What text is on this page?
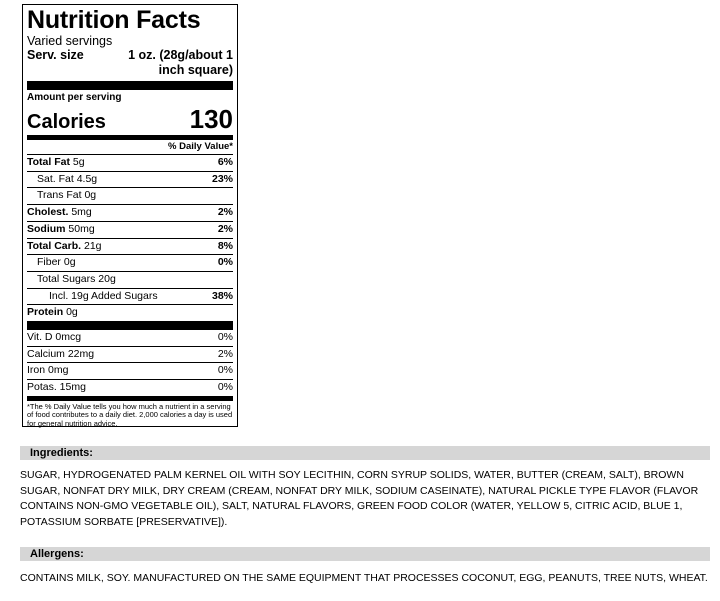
Nutrition Facts
Varied servings
Serv. size	1 oz. (28g/about 1 inch square)
Amount per serving
Calories	130
% Daily Value*
Total Fat 5g	6%
Sat. Fat 4.5g	23%
Trans Fat 0g
Cholest. 5mg	2%
Sodium 50mg	2%
Total Carb. 21g	8%
Fiber 0g	0%
Total Sugars 20g
Incl. 19g Added Sugars	38%
Protein 0g
Vit. D 0mcg	0%
Calcium 22mg	2%
Iron 0mg	0%
Potas. 15mg	0%
*The % Daily Value tells you how much a nutrient in a serving of food contributes to a daily diet. 2,000 calories a day is used for general nutrition advice.
Ingredients:
SUGAR, HYDROGENATED PALM KERNEL OIL WITH SOY LECITHIN, CORN SYRUP SOLIDS, WATER, BUTTER (CREAM, SALT), BROWN SUGAR, NONFAT DRY MILK, DRY CREAM (CREAM, NONFAT DRY MILK, SODIUM CASEINATE), NATURAL PICKLE TYPE FLAVOR (FLAVOR CONTAINS NON-GMO VEGETABLE OIL), SALT, NATURAL FLAVORS, GREEN FOOD COLOR (WATER, YELLOW 5, CITRIC ACID, BLUE 1, POTASSIUM SORBATE [PRESERVATIVE]).
Allergens:
CONTAINS MILK, SOY. MANUFACTURED ON THE SAME EQUIPMENT THAT PROCESSES COCONUT, EGG, PEANUTS, TREE NUTS, WHEAT.
